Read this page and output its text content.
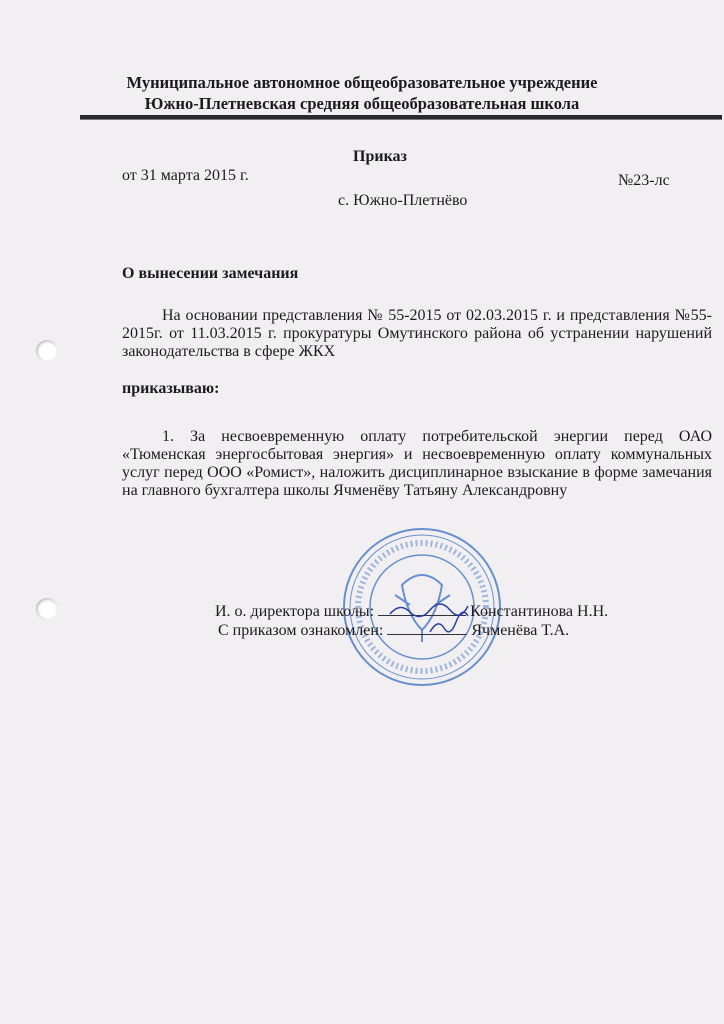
Муниципальное автономное общеобразовательное учреждение
Южно-Плетневская средняя общеобразовательная школа
Приказ
от 31 марта 2015 г.	№23-лс
с. Южно-Плетнёво
О вынесении замечания
На основании представления № 55-2015 от 02.03.2015 г. и представления №55-2015г. от 11.03.2015 г. прокуратуры Омутинского района об устранении нарушений законодательства в сфере ЖКХ
приказываю:
1. За несвоевременную оплату потребительской энергии перед ОАО «Тюменская энергосбытовая энергия» и несвоевременную оплату коммунальных услуг перед ООО «Ромист», наложить дисциплинарное взыскание в форме замечания на главного бухгалтера школы Ячменёву Татьяну Александровну
И. о. директора школы:	Константинова Н.Н.
С приказом ознакомлен:	Ячменёва Т.А.
